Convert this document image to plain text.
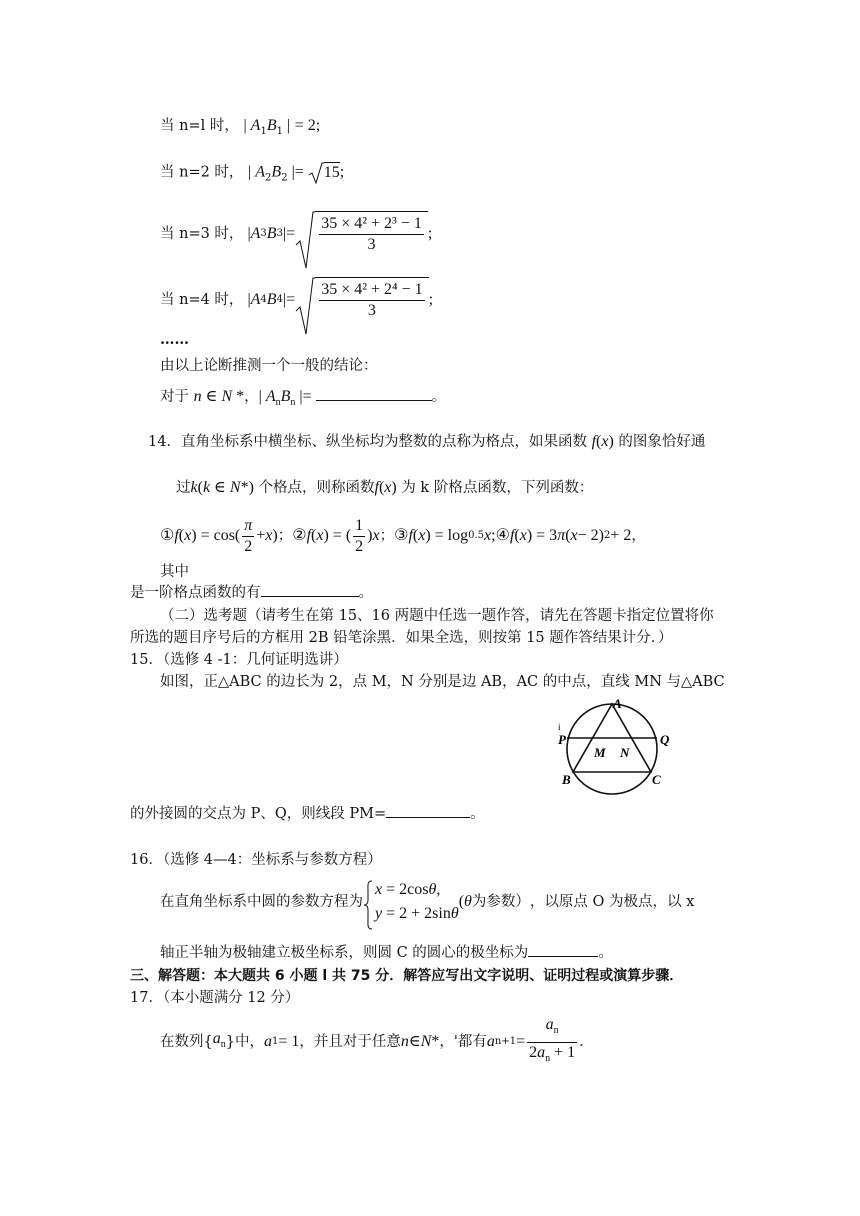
当 n=l 时， | $A_1B_1$ | = 2;
当 n=2 时， | $A_2B_2$ |=
15;
当 n=3 时， | A 3 B 3 |= $\frac{\text{35 × 4² + 2³ − 1}}{3}$ ;
当 n=4 时， | A 4 B 4 |= $\frac{\text{35 × 4² + 2⁴ − 1}}{3}$ ;
……
由以上论断推测一个一般的结论：
对于 n ∈ N *，| $A_nB_n$ |=	。
14．直角坐标系中横坐标、纵坐标均为整数的点称为格点，如果函数 f(x) 的图象恰好通
过k(k ∈ N*) 个格点，则称函数f(x) 为 k 阶格点函数，下列函数：
① f ( x ) = $\cos( \frac{\pi}{2} + x$ ) ； ② f ( x ) = ( $\frac{1}{2}$ ) x ； ③ f ( x ) = log 0.5 x ; ④ f ( x ) = 3 π ( x − 2) 2 + 2 ，
其中
是一阶格点函数的有	。
（二）选考题（请考生在第 15、16 两题中任选一题作答，请先在答题卡指定位置将你
所选的题目序号后的方框用 2B 铅笔涂黑．如果全选，则按第 15 题作答结果计分．）
15．（选修 4 -1：几何证明选讲）
如图，正△ABC 的边长为 2，点 M，N 分别是边 AB，AC 的中点，直线 MN 与△ABC
i
A
P
M N
Q
B	C
的外接圆的交点为 P、Q，则线段 PM=	。
16．（选修 4—4：坐标系与参数方程）
在直角坐标系中圆的参数方程为
x = 2cosθ,
y = 2 + 2sinθ
( θ 为参数） ，以原点 O 为极点，以 x
轴正半轴为极轴建立极坐标系，则圆 C 的圆心的极坐标为	。
三、解答题：本大题共 6 小题 l 共 75 分．解答应写出文字说明、证明过程或演算步骤．
17．（本小题满分 12 分）
在数列{ $a_n$ }中， a 1 = 1 ，并且对于任意 n ∈ N * ，'都有 a $n+1 = \frac{a_n}{2a_n + 1}$ ．
